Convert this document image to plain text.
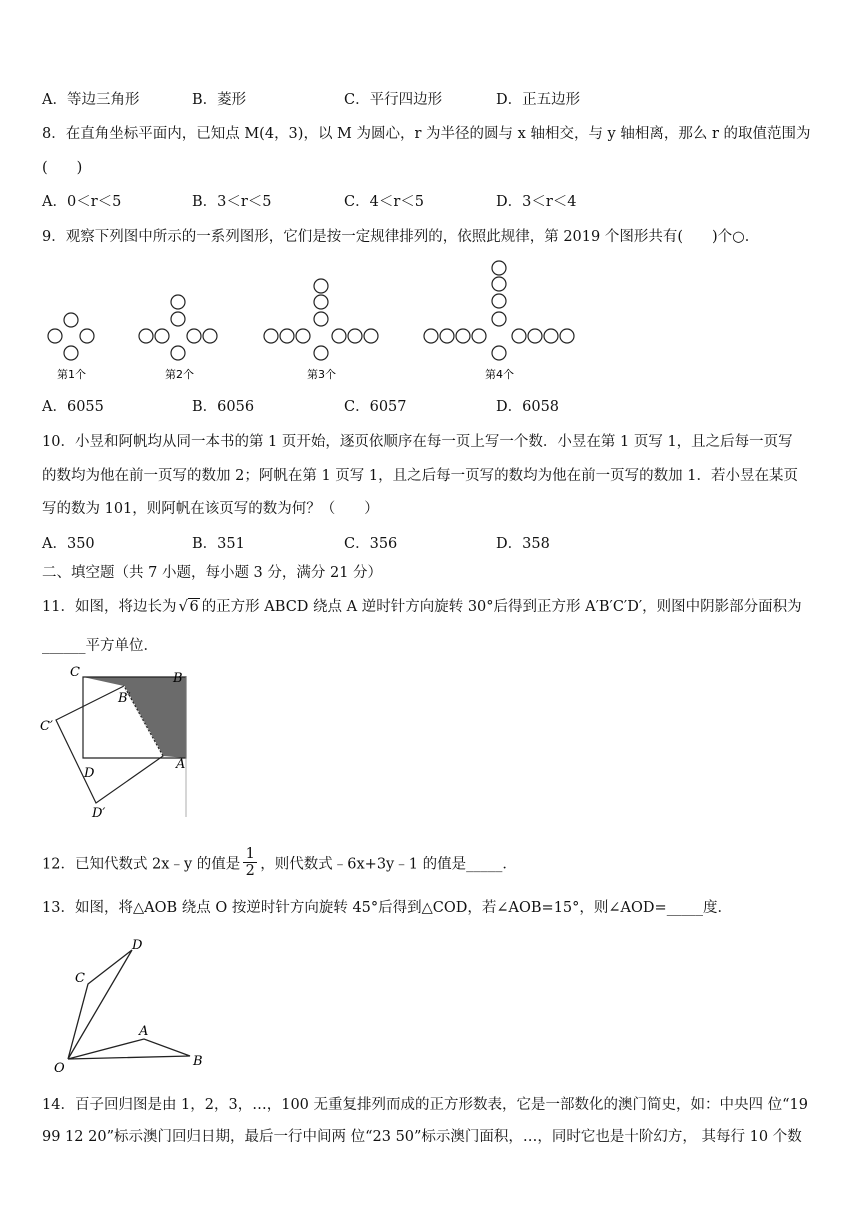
A．等边三角形	B．菱形	C．平行四边形	D．正五边形
8．在直角坐标平面内，已知点 M(4，3)，以 M 为圆心，r 为半径的圆与 x 轴相交，与 y 轴相离，那么 r 的取值范围为
(　　)
A．0＜r＜5	B．3＜r＜5	C．4＜r＜5	D．3＜r＜4
9．观察下列图中所示的一系列图形，它们是按一定规律排列的，依照此规律，第 2019 个图形共有(　　)个○．
第1个	第2个	第3个	第4个
A．6055	B．6056	C．6057	D．6058
10．小昱和阿帆均从同一本书的第 1 页开始，逐页依顺序在每一页上写一个数．小昱在第 1 页写 1，且之后每一页写
的数均为他在前一页写的数加 2；阿帆在第 1 页写 1，且之后每一页写的数均为他在前一页写的数加 1．若小昱在某页
写的数为 101，则阿帆在该页写的数为何？（　　）
A．350	B．351	C．356	D．358
二、填空题（共 7 小题，每小题 3 分，满分 21 分）
11．如图，将边长为 √ 6 的正方形 ABCD 绕点 A 逆时针方向旋转 30°后得到正方形 A′B′C′D′，则图中阴影部分面积为
______平方单位．
C	B
B′
C′
D
A
D′
12．已知代数式 2x﹣y 的值是 $\frac{1}{2}$ ，则代数式﹣6x+3y﹣1 的值是_____．
13．如图，将△AOB 绕点 O 按逆时针方向旋转 45°后得到△COD，若∠AOB=15°，则∠AOD=_____度．
D
C
A
O	B
14．百子回归图是由 1，2，3，…，100 无重复排列而成的正方形数表，它是一部数化的澳门简史，如：中央四 位“19
99 12 20”标示澳门回归日期，最后一行中间两 位“23 50”标示澳门面积，…，同时它也是十阶幻方， 其每行 10 个数
